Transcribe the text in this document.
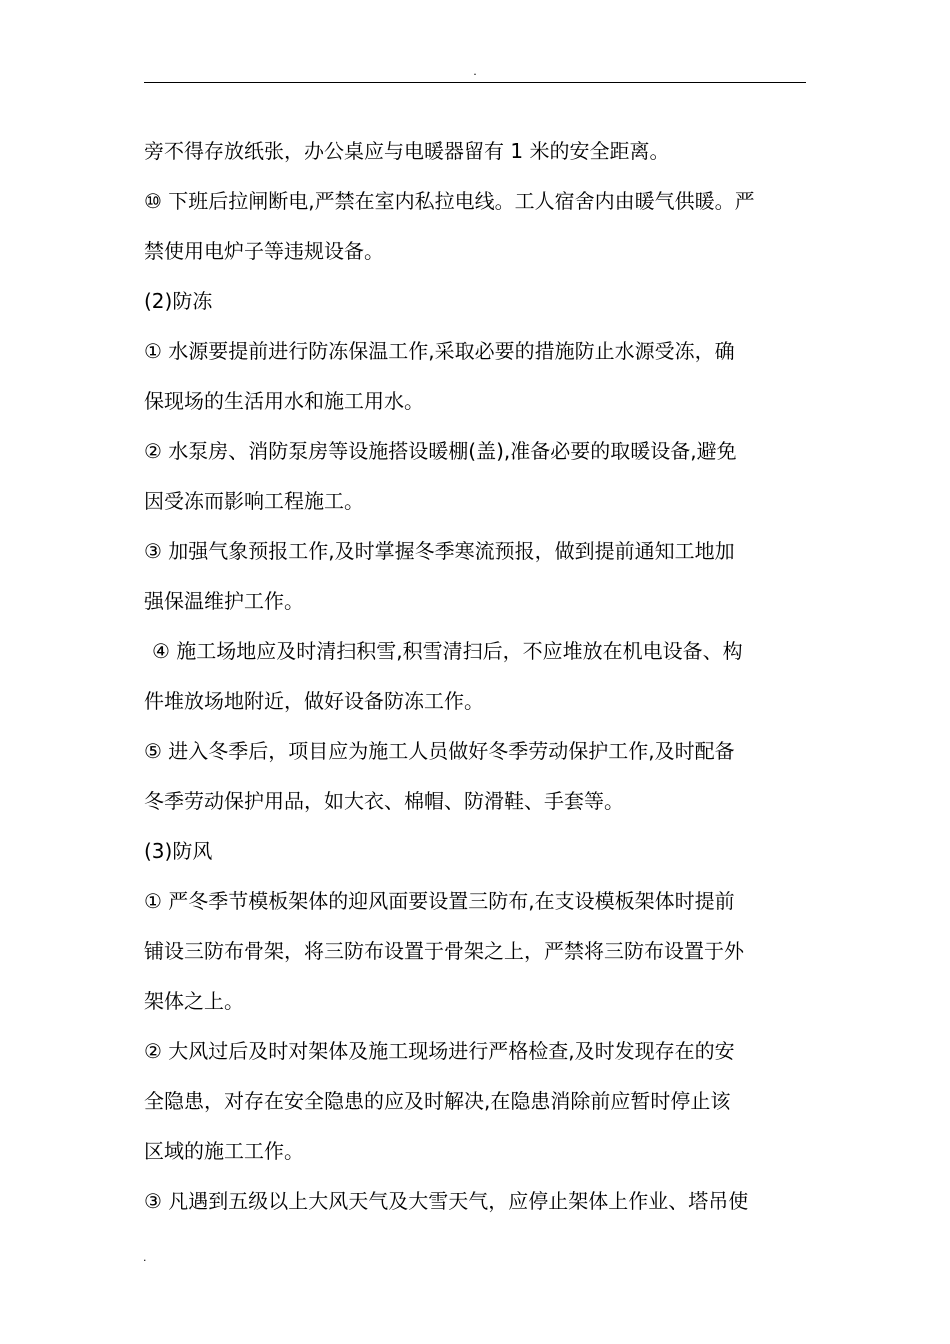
.
旁不得存放纸张，办公桌应与电暖器留有 1 米的安全距离。
⑩ 下班后拉闸断电,严禁在室内私拉电线。工人宿舍内由暖气供暖。严
禁使用电炉子等违规设备。
(2)防冻
① 水源要提前进行防冻保温工作,采取必要的措施防止水源受冻，确
保现场的生活用水和施工用水。
② 水泵房、消防泵房等设施搭设暖棚(盖),准备必要的取暖设备,避免
因受冻而影响工程施工。
③ 加强气象预报工作,及时掌握冬季寒流预报，做到提前通知工地加
强保温维护工作。
④ 施工场地应及时清扫积雪,积雪清扫后，不应堆放在机电设备、构
件堆放场地附近，做好设备防冻工作。
⑤ 进入冬季后，项目应为施工人员做好冬季劳动保护工作,及时配备
冬季劳动保护用品，如大衣、棉帽、防滑鞋、手套等。
(3)防风
① 严冬季节模板架体的迎风面要设置三防布,在支设模板架体时提前
铺设三防布骨架，将三防布设置于骨架之上，严禁将三防布设置于外
架体之上。
② 大风过后及时对架体及施工现场进行严格检查,及时发现存在的安
全隐患，对存在安全隐患的应及时解决,在隐患消除前应暂时停止该
区域的施工工作。
③ 凡遇到五级以上大风天气及大雪天气，应停止架体上作业、塔吊使
.
